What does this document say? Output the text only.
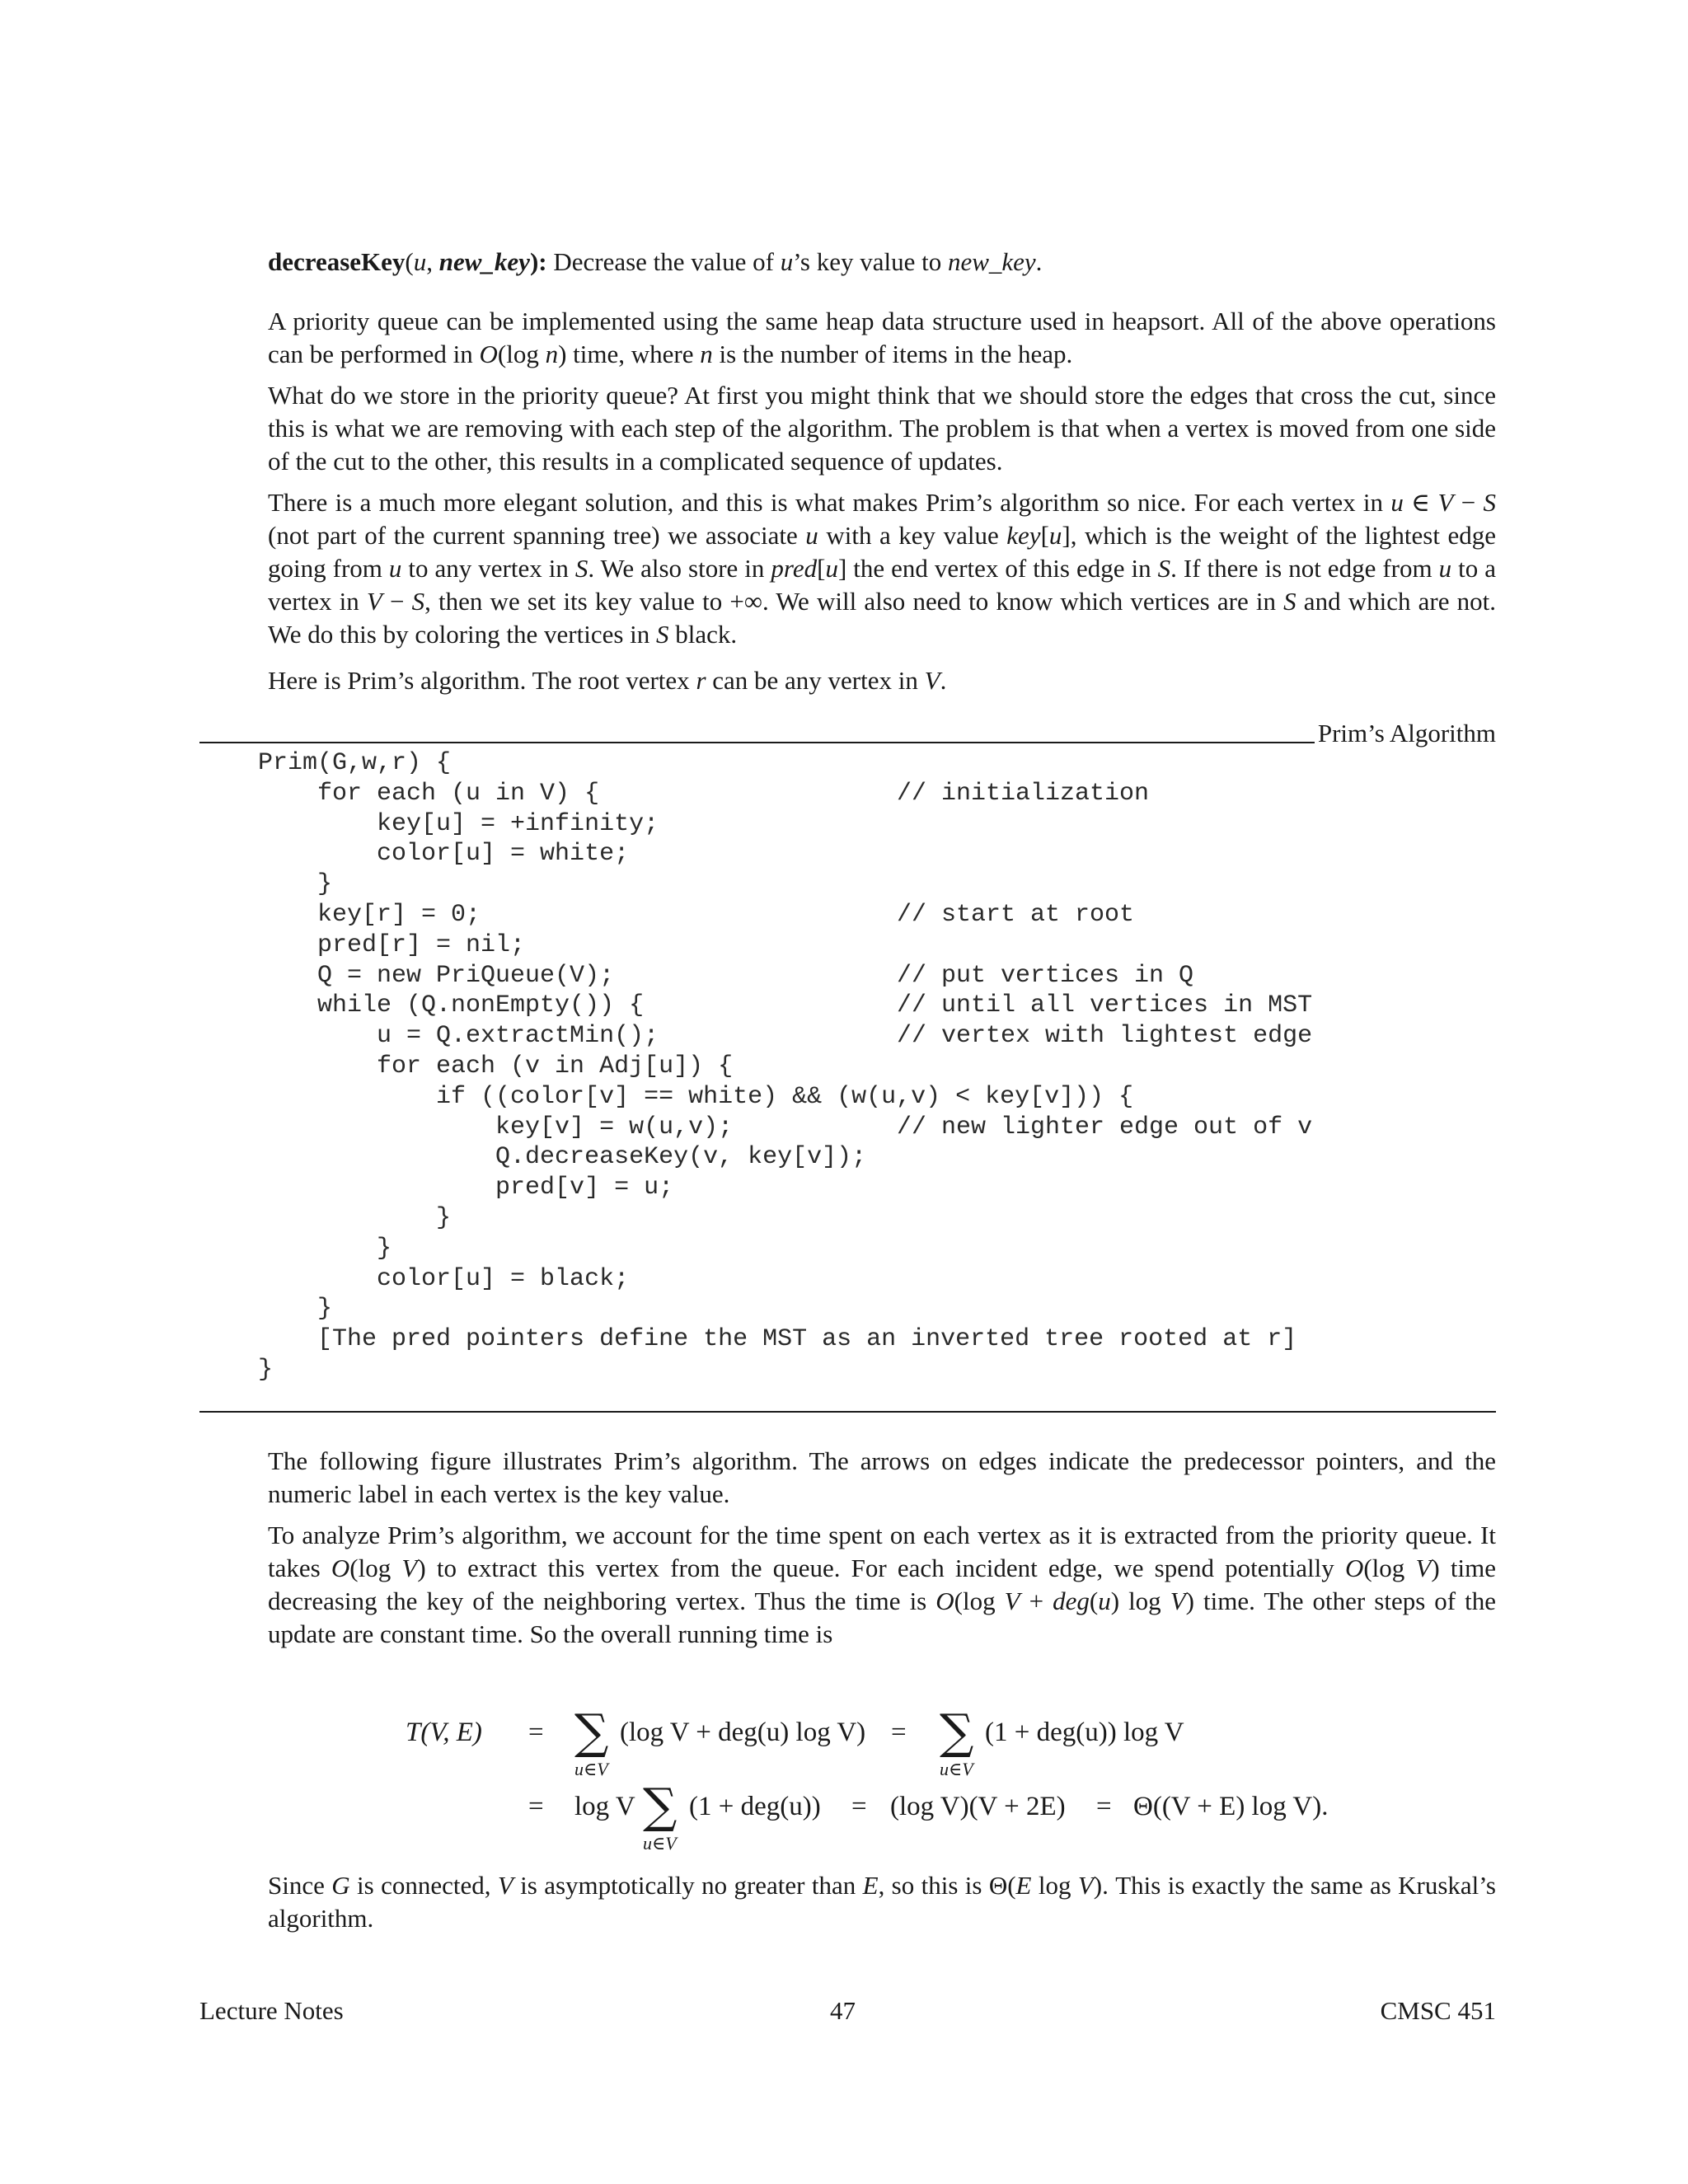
decreaseKey(u, new_key): Decrease the value of u’s key value to new_key.

A priority queue can be implemented using the same heap data structure used in heapsort. All of the above operations can be performed in O(log n) time, where n is the number of items in the heap.

What do we store in the priority queue? At first you might think that we should store the edges that cross the cut, since this is what we are removing with each step of the algorithm. The problem is that when a vertex is moved from one side of the cut to the other, this results in a complicated sequence of updates.

There is a much more elegant solution, and this is what makes Prim’s algorithm so nice. For each vertex in u ∈ V − S (not part of the current spanning tree) we associate u with a key value key[u], which is the weight of the lightest edge going from u to any vertex in S. We also store in pred[u] the end vertex of this edge in S. If there is not edge from u to a vertex in V − S, then we set its key value to +∞. We will also need to know which vertices are in S and which are not. We do this by coloring the vertices in S black.

Here is Prim’s algorithm. The root vertex r can be any vertex in V.

Prim’s Algorithm
Prim(G,w,r) {
for each (u in V) {	// initialization
key[u] = +infinity;
color[u] = white;
}
key[r] = 0;	// start at root
pred[r] = nil;
Q = new PriQueue(V);	// put vertices in Q
while (Q.nonEmpty()) {	// until all vertices in MST
u = Q.extractMin();	// vertex with lightest edge
for each (v in Adj[u]) {
if ((color[v] == white) && (w(u,v) < key[v])) {
key[v] = w(u,v);	// new lighter edge out of v
Q.decreaseKey(v, key[v]);
pred[v] = u;
}
}
color[u] = black;
}
[The pred pointers define the MST as an inverted tree rooted at r]
}

The following figure illustrates Prim’s algorithm. The arrows on edges indicate the predecessor pointers, and the numeric label in each vertex is the key value.

To analyze Prim’s algorithm, we account for the time spent on each vertex as it is extracted from the priority queue. It takes O(log V) to extract this vertex from the queue. For each incident edge, we spend potentially O(log V) time decreasing the key of the neighboring vertex. Thus the time is O(log V + deg(u) log V) time. The other steps of the update are constant time. So the overall running time is

T(V, E) = ∑
u∈V
(log V + deg(u) log V) = ∑
u∈V
(1 + deg(u)) log V
= log V ∑
u∈V
(1 + deg(u)) = (log V)(V + 2E) = Θ((V + E) log V).

Since G is connected, V is asymptotically no greater than E, so this is Θ(E log V). This is exactly the same as Kruskal’s algorithm.

Lecture Notes	47	CMSC 451
